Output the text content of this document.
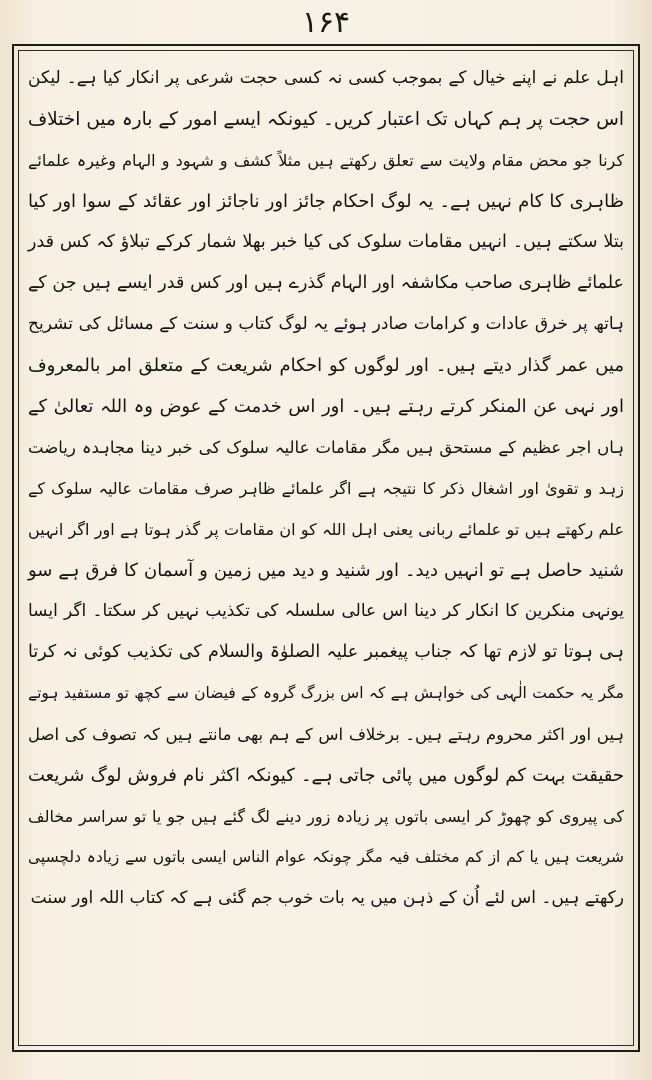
۱۶۴
اہل علم نے اپنے خیال کے بموجب کسی نہ کسی حجت شرعی پر انکار کیا ہے۔ لیکن
اس حجت پر ہم کہاں تک اعتبار کریں۔ کیونکہ ایسے امور کے بارہ میں اختلاف
کرنا جو محض مقام ولایت سے تعلق رکھتے ہیں مثلاً کشف و شہود و الہام وغیرہ علمائے
ظاہری کا کام نہیں ہے۔ یہ لوگ احکام جائز اور ناجائز اور عقائد کے سوا اور کیا
بتلا سکتے ہیں۔ انہیں مقامات سلوک کی کیا خبر بھلا شمار کرکے تبلاؤ کہ کس قدر
علمائے ظاہری صاحب مکاشفہ اور الہام گذرے ہیں اور کس قدر ایسے ہیں جن کے
ہاتھ پر خرق عادات و کرامات صادر ہوئے یہ لوگ کتاب و سنت کے مسائل کی تشریح
میں عمر گذار دیتے ہیں۔ اور لوگوں کو احکام شریعت کے متعلق امر بالمعروف
اور نہی عن المنکر کرتے رہتے ہیں۔ اور اس خدمت کے عوض وہ اللہ تعالیٰ کے
ہاں اجر عظیم کے مستحق ہیں مگر مقامات عالیہ سلوک کی خبر دینا مجاہدہ ریاضت
زہد و تقویٰ اور اشغال ذکر کا نتیجہ ہے اگر علمائے ظاہر صرف مقامات عالیہ سلوک کے
علم رکھتے ہیں تو علمائے ربانی یعنی اہل اللہ کو ان مقامات پر گذر ہوتا ہے اور اگر انہیں
شنید حاصل ہے تو انہیں دید۔ اور شنید و دید میں زمین و آسمان کا فرق ہے سو
یونہی منکرین کا انکار کر دینا اس عالی سلسلہ کی تکذیب نہیں کر سکتا۔ اگر ایسا
ہی ہوتا تو لازم تھا کہ جناب پیغمبر علیہ الصلوٰۃ والسلام کی تکذیب کوئی نہ کرتا
مگر یہ حکمت الٰہی کی خواہش ہے کہ اس بزرگ گروہ کے فیضان سے کچھ تو مستفید ہوتے
ہیں اور اکثر محروم رہتے ہیں۔ برخلاف اس کے ہم بھی مانتے ہیں کہ تصوف کی اصل
حقیقت بہت کم لوگوں میں پائی جاتی ہے۔ کیونکہ اکثر نام فروش لوگ شریعت
کی پیروی کو چھوڑ کر ایسی باتوں پر زیادہ زور دینے لگ گئے ہیں جو یا تو سراسر مخالف
شریعت ہیں یا کم از کم مختلف فیہ مگر چونکہ عوام الناس ایسی باتوں سے زیادہ دلچسپی
رکھتے ہیں۔ اس لئے اُن کے ذہن میں یہ بات خوب جم گئی ہے کہ کتاب اللہ اور سنت
